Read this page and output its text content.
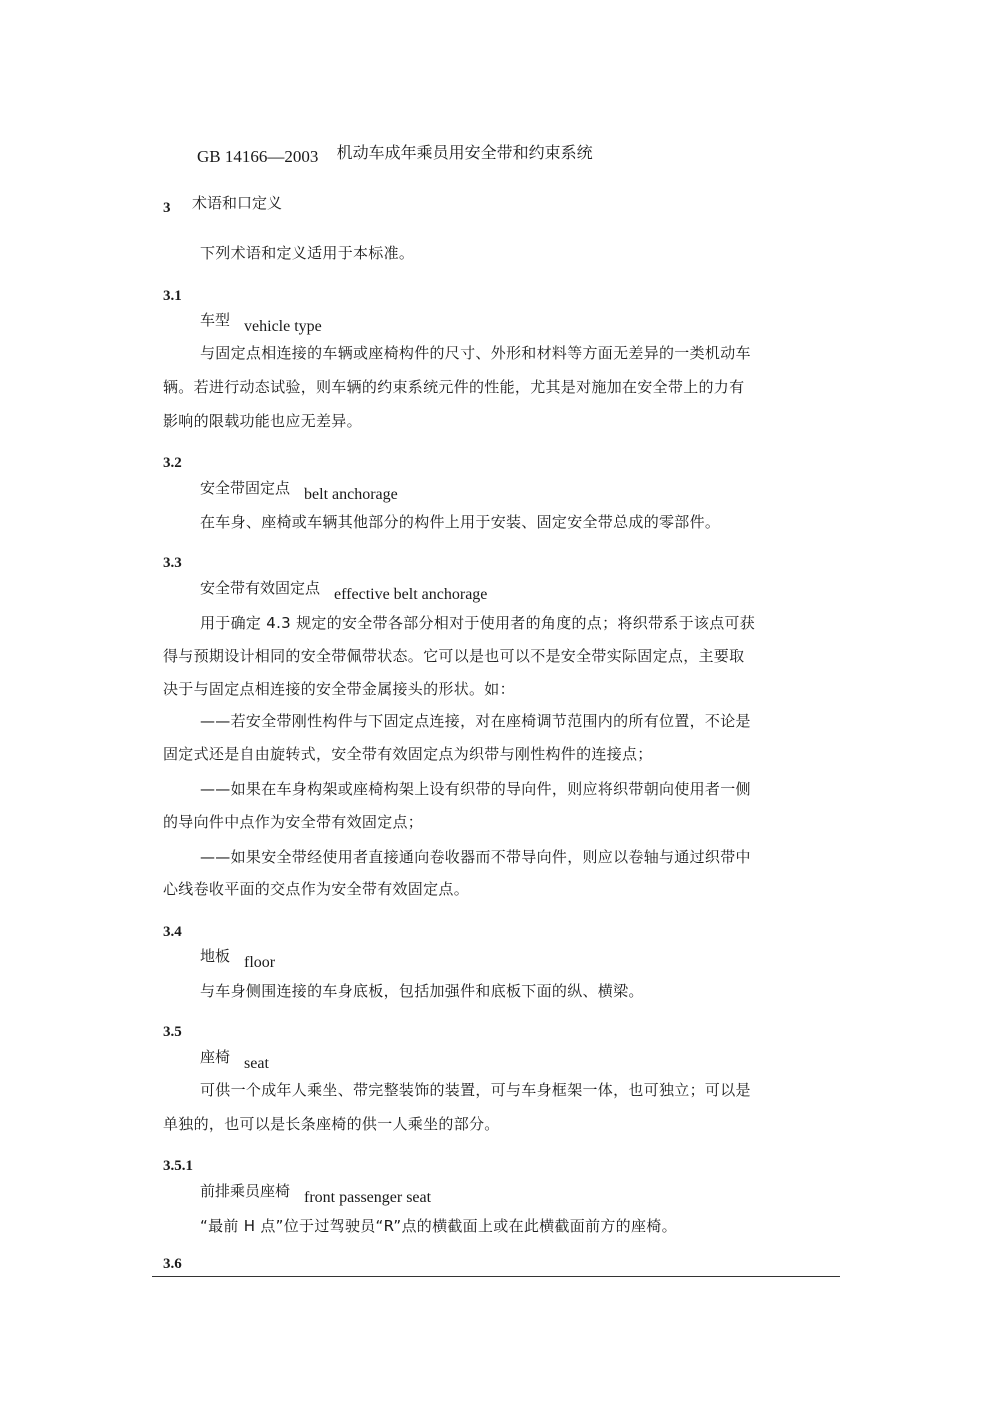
GB 14166—2003 机动车成年乘员用安全带和约束系统
3 术语和口定义
下列术语和定义适用于本标准。
3.1
车型 vehicle type
与固定点相连接的车辆或座椅构件的尺寸、外形和材料等方面无差异的一类机动车
辆。若进行动态试验，则车辆的约束系统元件的性能，尤其是对施加在安全带上的力有
影响的限载功能也应无差异。
3.2
安全带固定点 belt anchorage
在车身、座椅或车辆其他部分的构件上用于安装、固定安全带总成的零部件。
3.3
安全带有效固定点 effective belt anchorage
用于确定 4.3 规定的安全带各部分相对于使用者的角度的点；将织带系于该点可获
得与预期设计相同的安全带佩带状态。它可以是也可以不是安全带实际固定点，主要取
决于与固定点相连接的安全带金属接头的形状。如：
——若安全带刚性构件与下固定点连接，对在座椅调节范围内的所有位置，不论是
固定式还是自由旋转式，安全带有效固定点为织带与刚性构件的连接点；
——如果在车身构架或座椅构架上设有织带的导向件，则应将织带朝向使用者一侧
的导向件中点作为安全带有效固定点；
——如果安全带经使用者直接通向卷收器而不带导向件，则应以卷轴与通过织带中
心线卷收平面的交点作为安全带有效固定点。
3.4
地板 floor
与车身侧围连接的车身底板，包括加强件和底板下面的纵、横梁。
3.5
座椅 seat
可供一个成年人乘坐、带完整装饰的装置，可与车身框架一体，也可独立；可以是
单独的，也可以是长条座椅的供一人乘坐的部分。
3.5.1
前排乘员座椅 front passenger seat
“最前 H 点”位于过驾驶员“R”点的横截面上或在此横截面前方的座椅。
3.6
